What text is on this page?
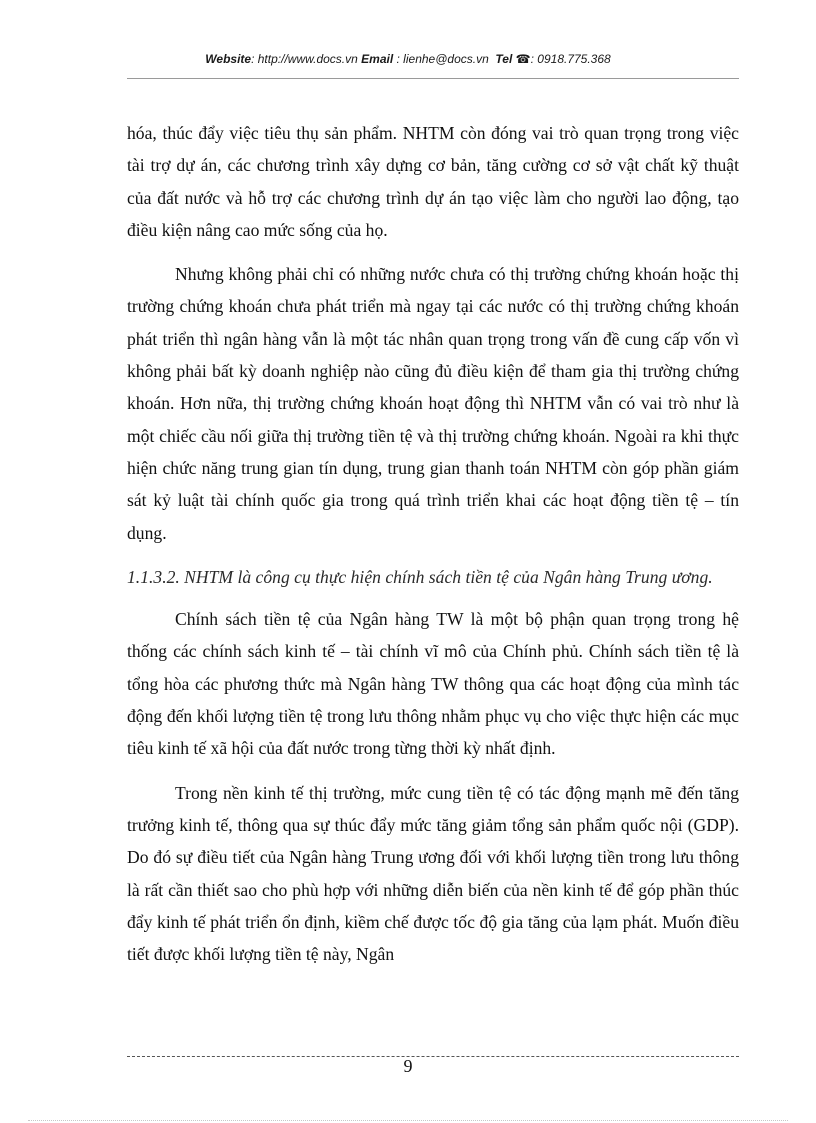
Website: http://www.docs.vn Email : lienhe@docs.vn Tel ☎: 0918.775.368

hóa, thúc đẩy việc tiêu thụ sản phẩm. NHTM còn đóng vai trò quan trọng trong việc tài trợ dự án, các chương trình xây dựng cơ bản, tăng cường cơ sở vật chất kỹ thuật của đất nước và hỗ trợ các chương trình dự án tạo việc làm cho người lao động, tạo điều kiện nâng cao mức sống của họ.

Nhưng không phải chỉ có những nước chưa có thị trường chứng khoán hoặc thị trường chứng khoán chưa phát triển mà ngay tại các nước có thị trường chứng khoán phát triển thì ngân hàng vẫn là một tác nhân quan trọng trong vấn đề cung cấp vốn vì không phải bất kỳ doanh nghiệp nào cũng đủ điều kiện để tham gia thị trường chứng khoán. Hơn nữa, thị trường chứng khoán hoạt động thì NHTM vẫn có vai trò như là một chiếc cầu nối giữa thị trường tiền tệ và thị trường chứng khoán. Ngoài ra khi thực hiện chức năng trung gian tín dụng, trung gian thanh toán NHTM còn góp phần giám sát kỷ luật tài chính quốc gia trong quá trình triển khai các hoạt động tiền tệ – tín dụng.

1.1.3.2. NHTM là công cụ thực hiện chính sách tiền tệ của Ngân hàng Trung ương.

Chính sách tiền tệ của Ngân hàng TW là một bộ phận quan trọng trong hệ thống các chính sách kinh tế – tài chính vĩ mô của Chính phủ. Chính sách tiền tệ là tổng hòa các phương thức mà Ngân hàng TW thông qua các hoạt động của mình tác động đến khối lượng tiền tệ trong lưu thông nhằm phục vụ cho việc thực hiện các mục tiêu kinh tế xã hội của đất nước trong từng thời kỳ nhất định.

Trong nền kinh tế thị trường, mức cung tiền tệ có tác động mạnh mẽ đến tăng trưởng kinh tế, thông qua sự thúc đẩy mức tăng giảm tổng sản phẩm quốc nội (GDP). Do đó sự điều tiết của Ngân hàng Trung ương đối với khối lượng tiền trong lưu thông là rất cần thiết sao cho phù hợp với những diễn biến của nền kinh tế để góp phần thúc đẩy kinh tế phát triển ổn định, kiềm chế được tốc độ gia tăng của lạm phát. Muốn điều tiết được khối lượng tiền tệ này, Ngân

9
